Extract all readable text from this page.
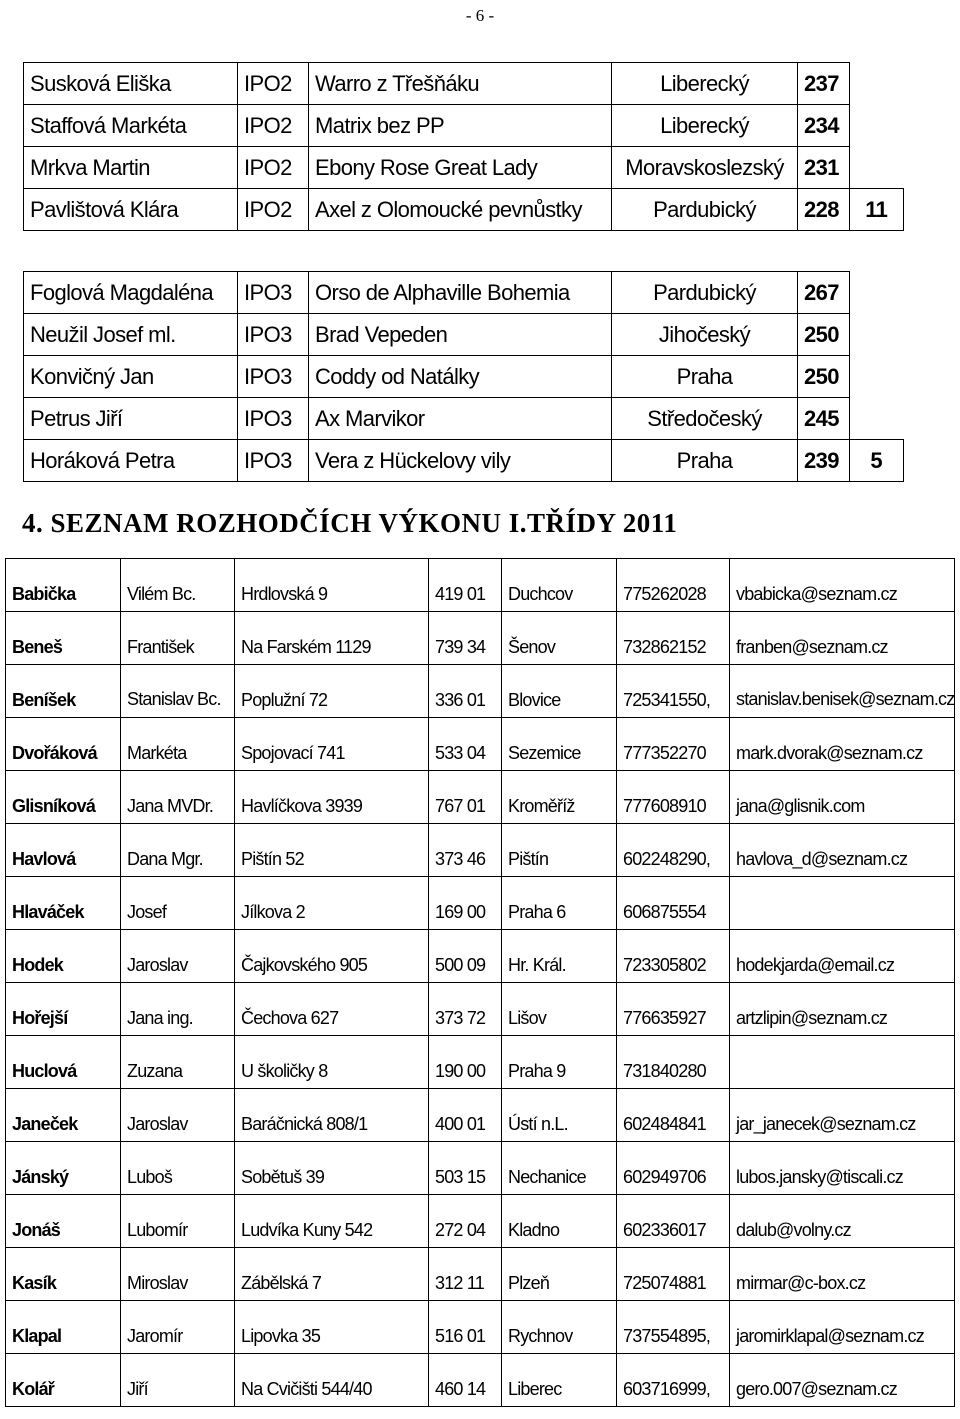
- 6 -
Susková Eliška	IPO2	Warro z Třešňáku	Liberecký	237	
Staffová Markéta	IPO2	Matrix bez PP	Liberecký	234	
Mrkva Martin	IPO2	Ebony Rose Great Lady	Moravskoslezský	231	
Pavlištová Klára	IPO2	Axel z Olomoucké pevnůstky	Pardubický	228	11
Foglová Magdaléna	IPO3	Orso de Alphaville Bohemia	Pardubický	267	
Neužil Josef ml.	IPO3	Brad Vepeden	Jihočeský	250	
Konvičný Jan	IPO3	Coddy od Natálky	Praha	250	
Petrus Jiří	IPO3	Ax Marvikor	Středočeský	245	
Horáková Petra	IPO3	Vera z Hückelovy vily	Praha	239	5
4. SEZNAM ROZHODČÍCH VÝKONU I.TŘÍDY 2011
Babička	Vilém Bc.	Hrdlovská 9	419 01	Duchcov	775262028	vbabicka@seznam.cz
Beneš	František	Na Farském 1129	739 34	Šenov	732862152	franben@seznam.cz
Beníšek	Stanislav Bc.	Poplužní 72	336 01	Blovice	725341550,	stanislav.benisek@seznam.cz
Dvořáková	Markéta	Spojovací 741	533 04	Sezemice	777352270	mark.dvorak@seznam.cz
Glisníková	Jana MVDr.	Havlíčkova 3939	767 01	Kroměříž	777608910	jana@glisnik.com
Havlová	Dana Mgr.	Pištín 52	373 46	Pištín	602248290,	havlova_d@seznam.cz
Hlaváček	Josef	Jílkova 2	169 00	Praha 6	606875554	
Hodek	Jaroslav	Čajkovského 905	500 09	Hr. Král.	723305802	hodekjarda@email.cz
Hořejší	Jana ing.	Čechova 627	373 72	Lišov	776635927	artzlipin@seznam.cz
Huclová	Zuzana	U školičky 8	190 00	Praha 9	731840280	
Janeček	Jaroslav	Baráčnická 808/1	400 01	Ústí n.L.	602484841	jar_janecek@seznam.cz
Jánský	Luboš	Sobětuš 39	503 15	Nechanice	602949706	lubos.jansky@tiscali.cz
Jonáš	Lubomír	Ludvíka Kuny 542	272 04	Kladno	602336017	dalub@volny.cz
Kasík	Miroslav	Zábělská 7	312 11	Plzeň	725074881	mirmar@c-box.cz
Klapal	Jaromír	Lipovka 35	516 01	Rychnov	737554895,	jaromirklapal@seznam.cz
Kolář	Jiří	Na Cvičišti 544/40	460 14	Liberec	603716999,	gero.007@seznam.cz
